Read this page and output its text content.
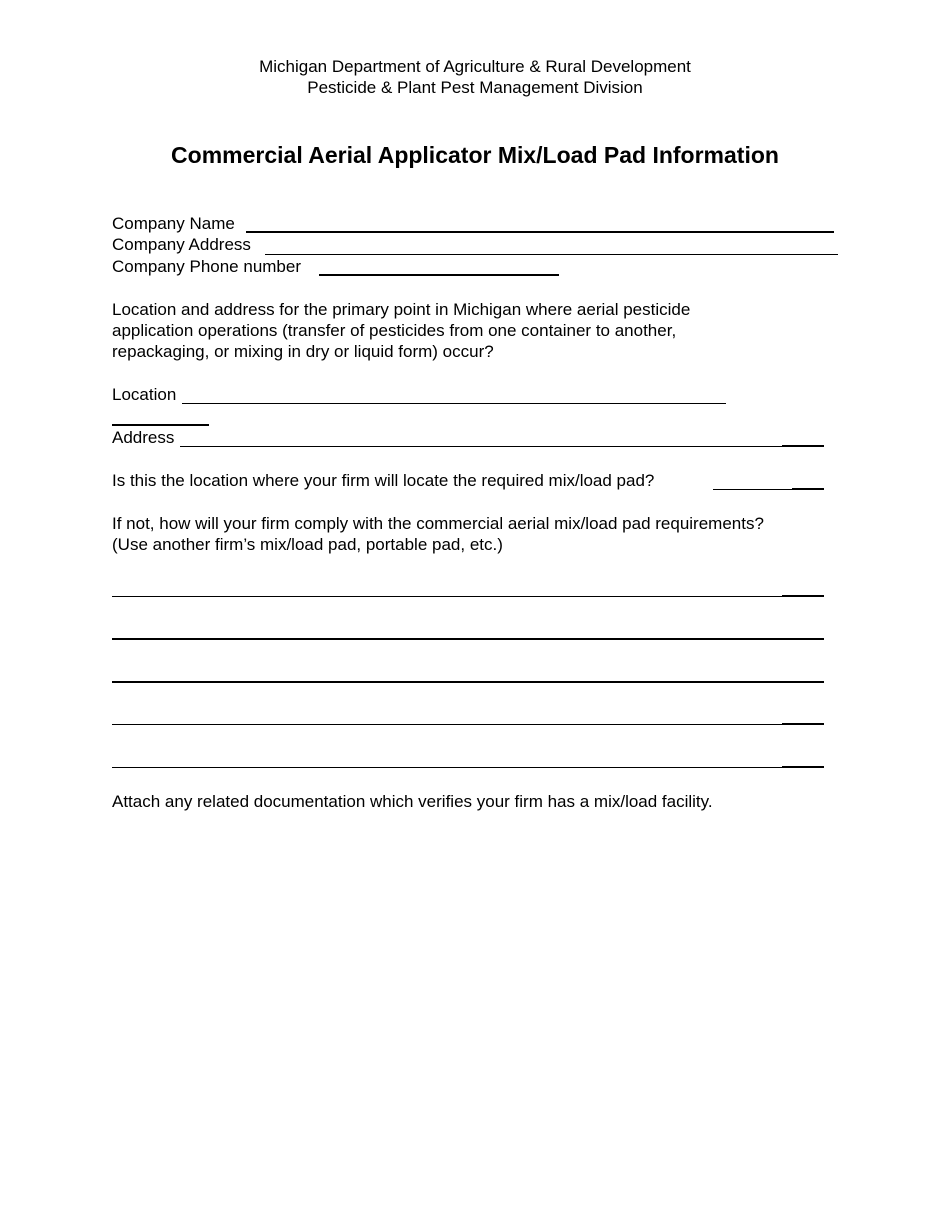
Michigan Department of Agriculture & Rural Development
Pesticide & Plant Pest Management Division
Commercial Aerial Applicator Mix/Load Pad Information
Company Name
Company Address
Company Phone number
Location and address for the primary point in Michigan where aerial pesticide
application operations (transfer of pesticides from one container to another,
repackaging, or mixing in dry or liquid form) occur?
Location
Address
Is this the location where your firm will locate the required mix/load pad?
If not, how will your firm comply with the commercial aerial mix/load pad requirements?
(Use another firm’s mix/load pad, portable pad, etc.)
Attach any related documentation which verifies your firm has a mix/load facility.
